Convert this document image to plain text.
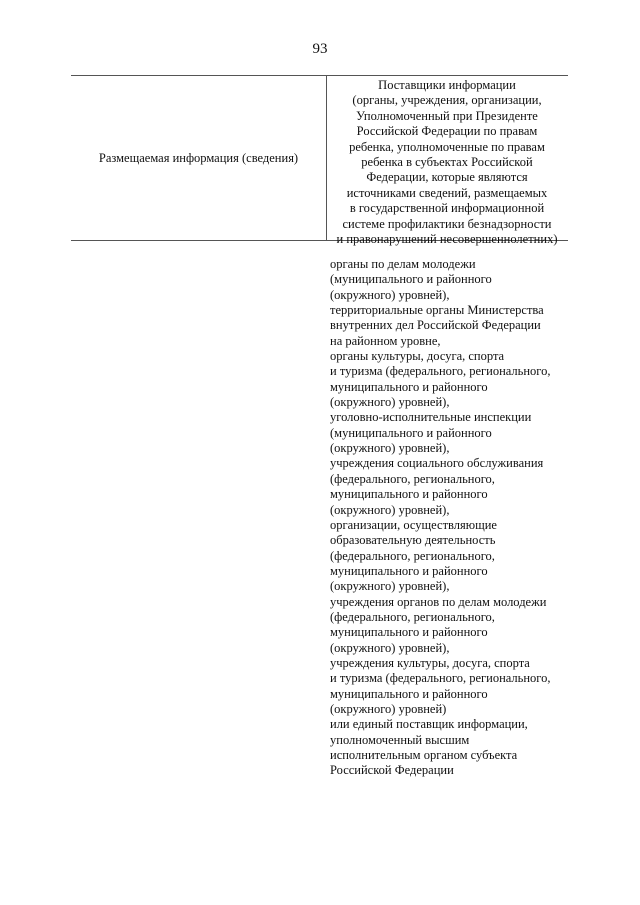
93
Размещаемая информация (сведения)
Поставщики информации
(органы, учреждения, организации,
Уполномоченный при Президенте
Российской Федерации по правам
ребенка, уполномоченные по правам
ребенка в субъектах Российской
Федерации, которые являются
источниками сведений, размещаемых
в государственной информационной
системе профилактики безнадзорности
и правонарушений несовершеннолетних)
органы по делам молодежи
(муниципального и районного
(окружного) уровней),
территориальные органы Министерства
внутренних дел Российской Федерации
на районном уровне,
органы культуры, досуга, спорта
и туризма (федерального, регионального,
муниципального и районного
(окружного) уровней),
уголовно-исполнительные инспекции
(муниципального и районного
(окружного) уровней),
учреждения социального обслуживания
(федерального, регионального,
муниципального и районного
(окружного) уровней),
организации, осуществляющие
образовательную деятельность
(федерального, регионального,
муниципального и районного
(окружного) уровней),
учреждения органов по делам молодежи
(федерального, регионального,
муниципального и районного
(окружного) уровней),
учреждения культуры, досуга, спорта
и туризма (федерального, регионального,
муниципального и районного
(окружного) уровней)
или единый поставщик информации,
уполномоченный высшим
исполнительным органом субъекта
Российской Федерации
